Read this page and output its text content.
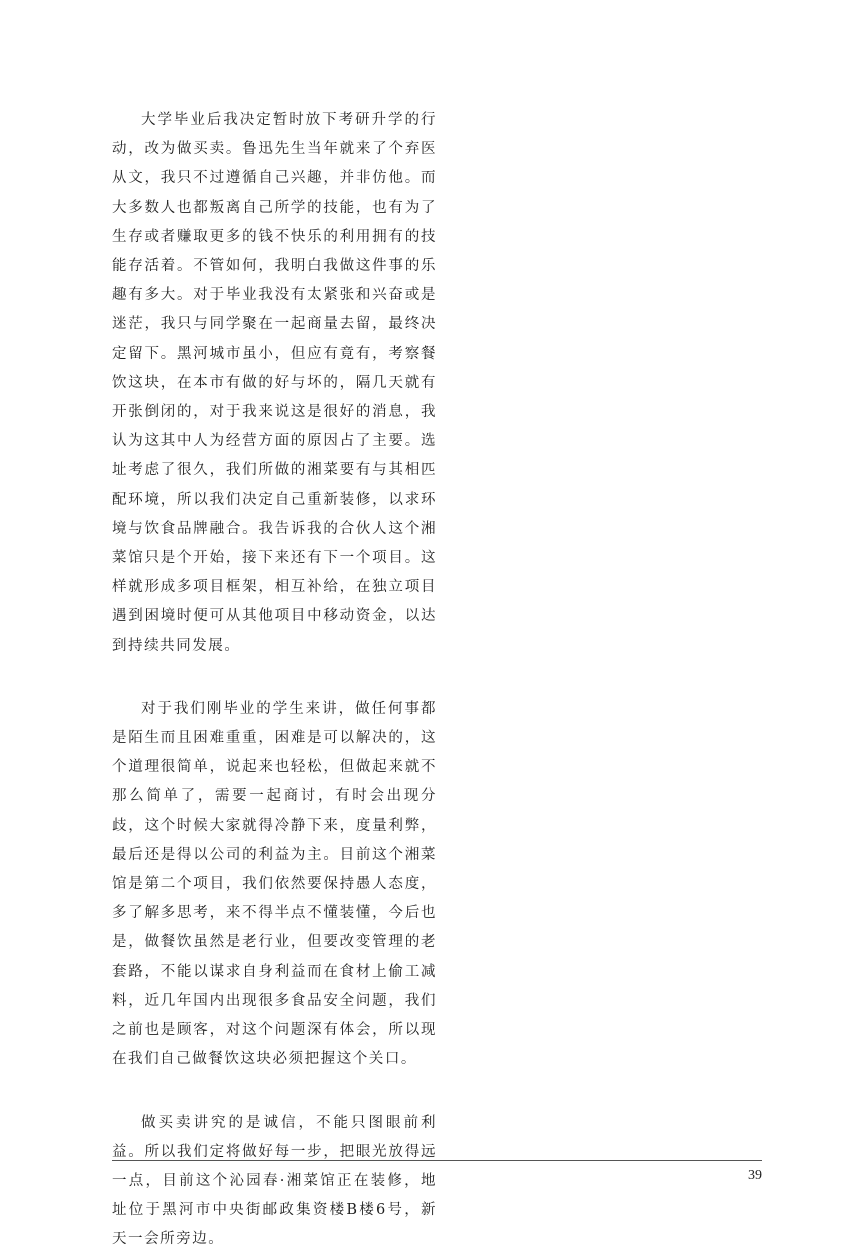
大学毕业后我决定暂时放下考研升学的行动，改为做买卖。鲁迅先生当年就来了个弃医从文，我只不过遵循自己兴趣，并非仿他。而大多数人也都叛离自己所学的技能，也有为了生存或者赚取更多的钱不快乐的利用拥有的技能存活着。不管如何，我明白我做这件事的乐趣有多大。对于毕业我没有太紧张和兴奋或是迷茫，我只与同学聚在一起商量去留，最终决定留下。黑河城市虽小，但应有竟有，考察餐饮这块，在本市有做的好与坏的，隔几天就有开张倒闭的，对于我来说这是很好的消息，我认为这其中人为经营方面的原因占了主要。选址考虑了很久，我们所做的湘菜要有与其相匹配环境，所以我们决定自己重新装修，以求环境与饮食品牌融合。我告诉我的合伙人这个湘菜馆只是个开始，接下来还有下一个项目。这样就形成多项目框架，相互补给，在独立项目遇到困境时便可从其他项目中移动资金，以达到持续共同发展。

对于我们刚毕业的学生来讲，做任何事都是陌生而且困难重重，困难是可以解决的，这个道理很简单，说起来也轻松，但做起来就不那么简单了，需要一起商讨，有时会出现分歧，这个时候大家就得冷静下来，度量利弊，最后还是得以公司的利益为主。目前这个湘菜馆是第二个项目，我们依然要保持愚人态度，多了解多思考，来不得半点不懂装懂，今后也是，做餐饮虽然是老行业，但要改变管理的老套路，不能以谋求自身利益而在食材上偷工减料，近几年国内出现很多食品安全问题，我们之前也是顾客，对这个问题深有体会，所以现在我们自己做餐饮这块必须把握这个关口。

做买卖讲究的是诚信，不能只图眼前利益。所以我们定将做好每一步，把眼光放得远一点，目前这个沁园春·湘菜馆正在装修，地址位于黑河市中央街邮政集资楼B楼6号，新天一会所旁边。

39
